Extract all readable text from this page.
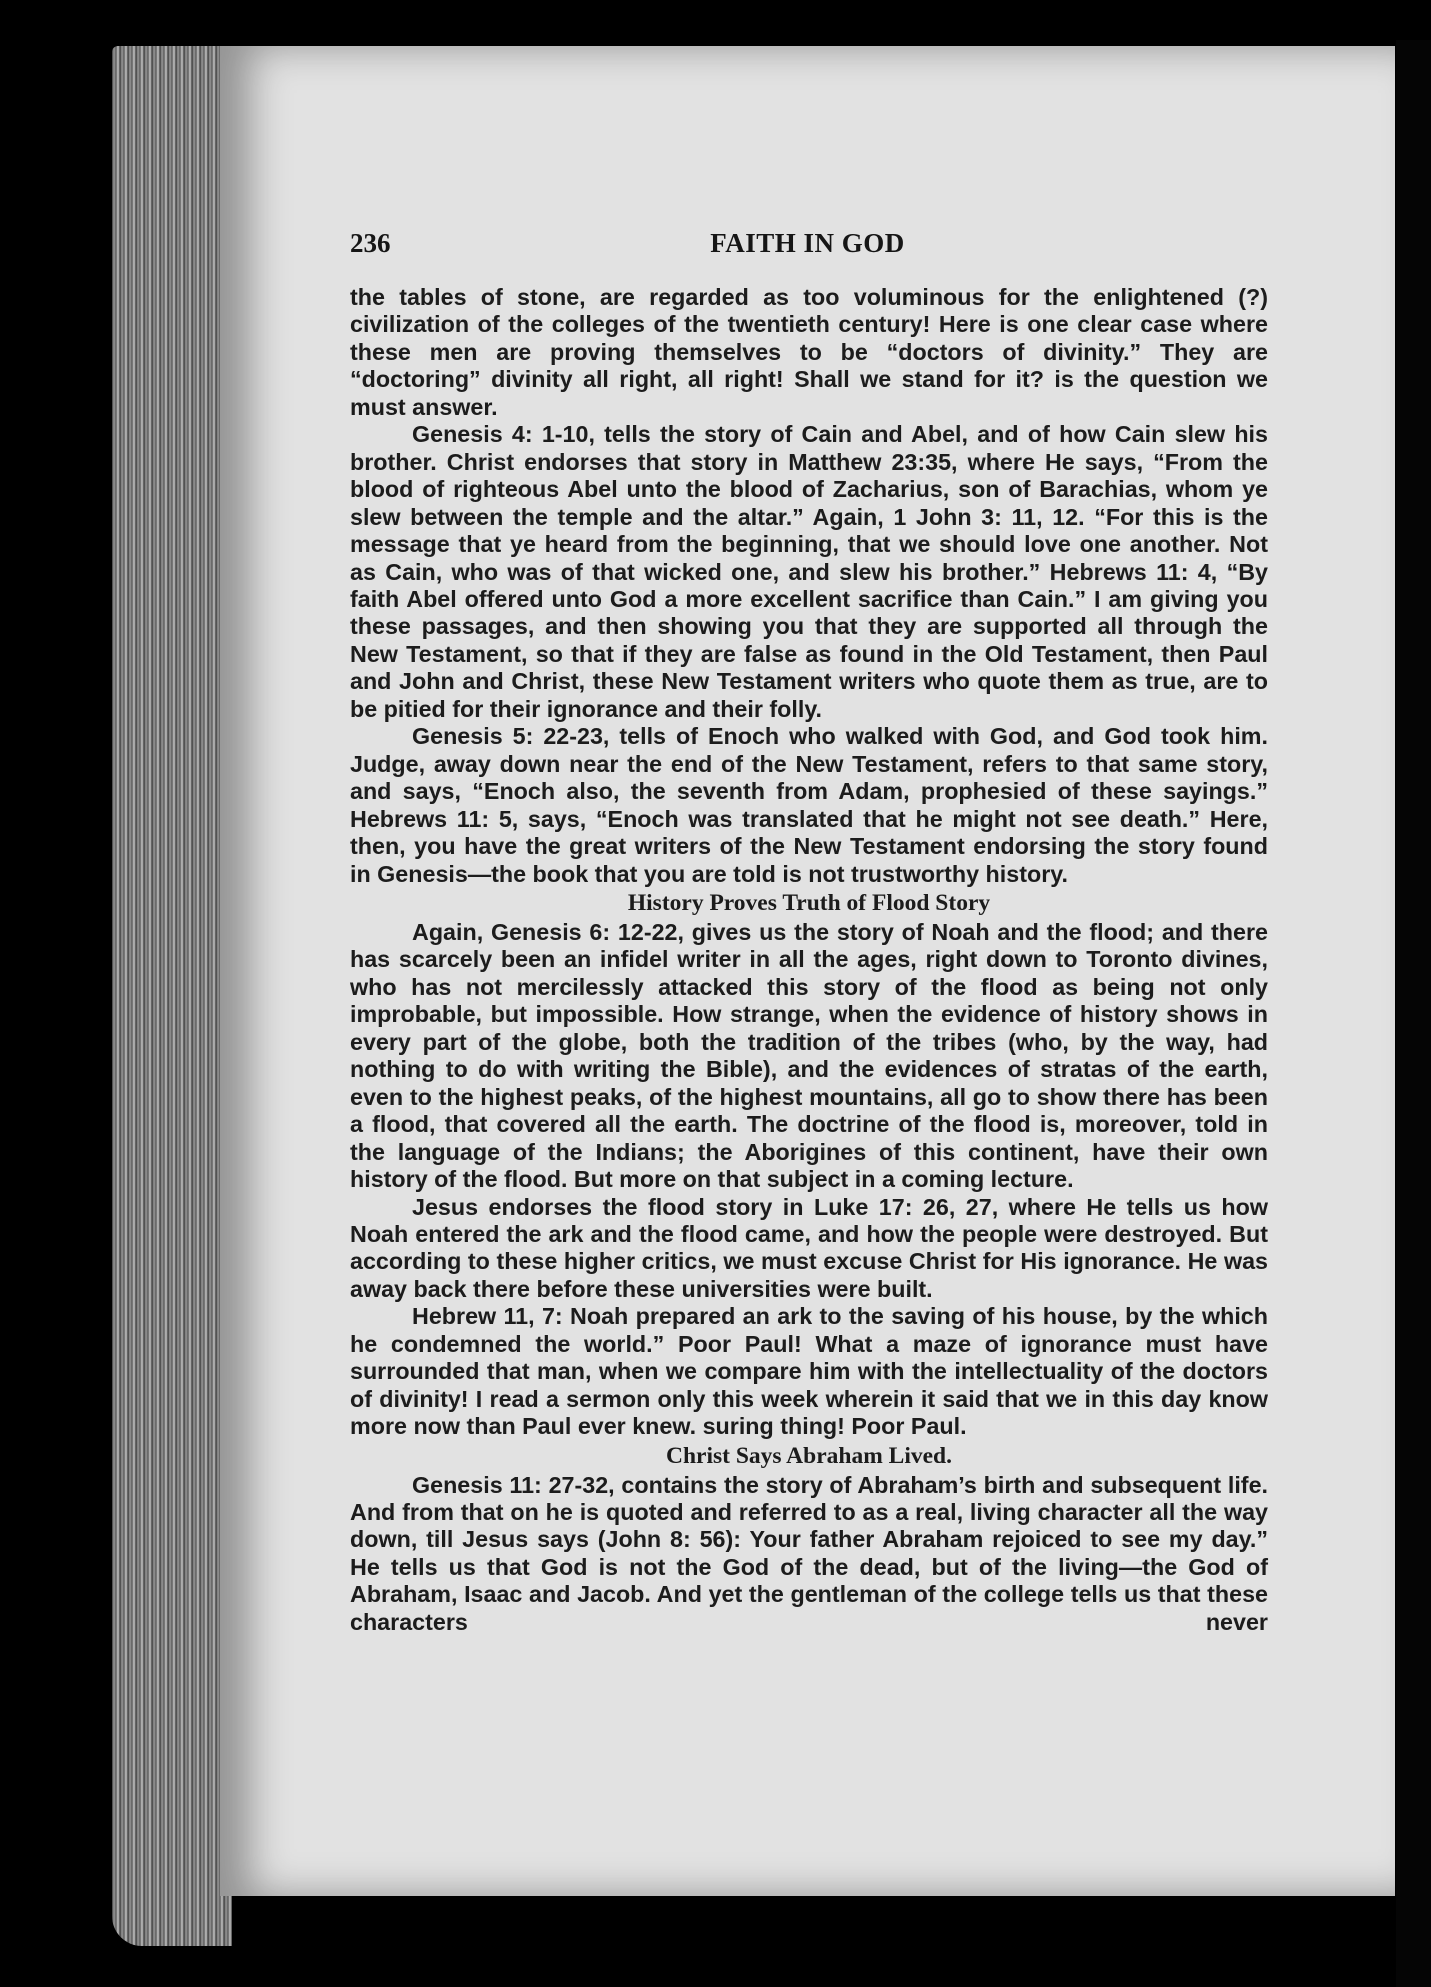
236	FAITH IN GOD

the tables of stone, are regarded as too voluminous for the enlightened (?) civilization of the colleges of the twentieth century! Here is one clear case where these men are proving themselves to be “doctors of divinity.” They are “doctoring” divinity all right, all right! Shall we stand for it? is the question we must answer.

Genesis 4: 1-10, tells the story of Cain and Abel, and of how Cain slew his brother. Christ endorses that story in Matthew 23:35, where He says, “From the blood of righteous Abel unto the blood of Zacharius, son of Barachias, whom ye slew between the temple and the altar.” Again, 1 John 3: 11, 12. “For this is the message that ye heard from the beginning, that we should love one another. Not as Cain, who was of that wicked one, and slew his brother.” Hebrews 11: 4, “By faith Abel offered unto God a more excellent sacrifice than Cain.” I am giving you these passages, and then showing you that they are supported all through the New Testament, so that if they are false as found in the Old Testament, then Paul and John and Christ, these New Testament writers who quote them as true, are to be pitied for their ignorance and their folly.

Genesis 5: 22-23, tells of Enoch who walked with God, and God took him. Judge, away down near the end of the New Testament, refers to that same story, and says, “Enoch also, the seventh from Adam, prophesied of these sayings.” Hebrews 11: 5, says, “Enoch was translated that he might not see death.” Here, then, you have the great writers of the New Testament endorsing the story found in Genesis—the book that you are told is not trustworthy history.

History Proves Truth of Flood Story

Again, Genesis 6: 12-22, gives us the story of Noah and the flood; and there has scarcely been an infidel writer in all the ages, right down to Toronto divines, who has not mercilessly attacked this story of the flood as being not only improbable, but impossible. How strange, when the evidence of history shows in every part of the globe, both the tradition of the tribes (who, by the way, had nothing to do with writing the Bible), and the evidences of stratas of the earth, even to the highest peaks, of the highest mountains, all go to show there has been a flood, that covered all the earth. The doctrine of the flood is, moreover, told in the language of the Indians; the Aborigines of this continent, have their own history of the flood. But more on that subject in a coming lecture.

Jesus endorses the flood story in Luke 17: 26, 27, where He tells us how Noah entered the ark and the flood came, and how the people were destroyed. But according to these higher critics, we must excuse Christ for His ignorance. He was away back there before these universities were built.

Hebrew 11, 7: Noah prepared an ark to the saving of his house, by the which he condemned the world.” Poor Paul! What a maze of ignorance must have surrounded that man, when we compare him with the intellectuality of the doctors of divinity! I read a sermon only this week wherein it said that we in this day know more now than Paul ever knew. suring thing! Poor Paul.

Christ Says Abraham Lived.

Genesis 11: 27-32, contains the story of Abraham’s birth and subsequent life. And from that on he is quoted and referred to as a real, living character all the way down, till Jesus says (John 8: 56): Your father Abraham rejoiced to see my day.” He tells us that God is not the God of the dead, but of the living—the God of Abraham, Isaac and Jacob. And yet the gentleman of the college tells us that these characters never
